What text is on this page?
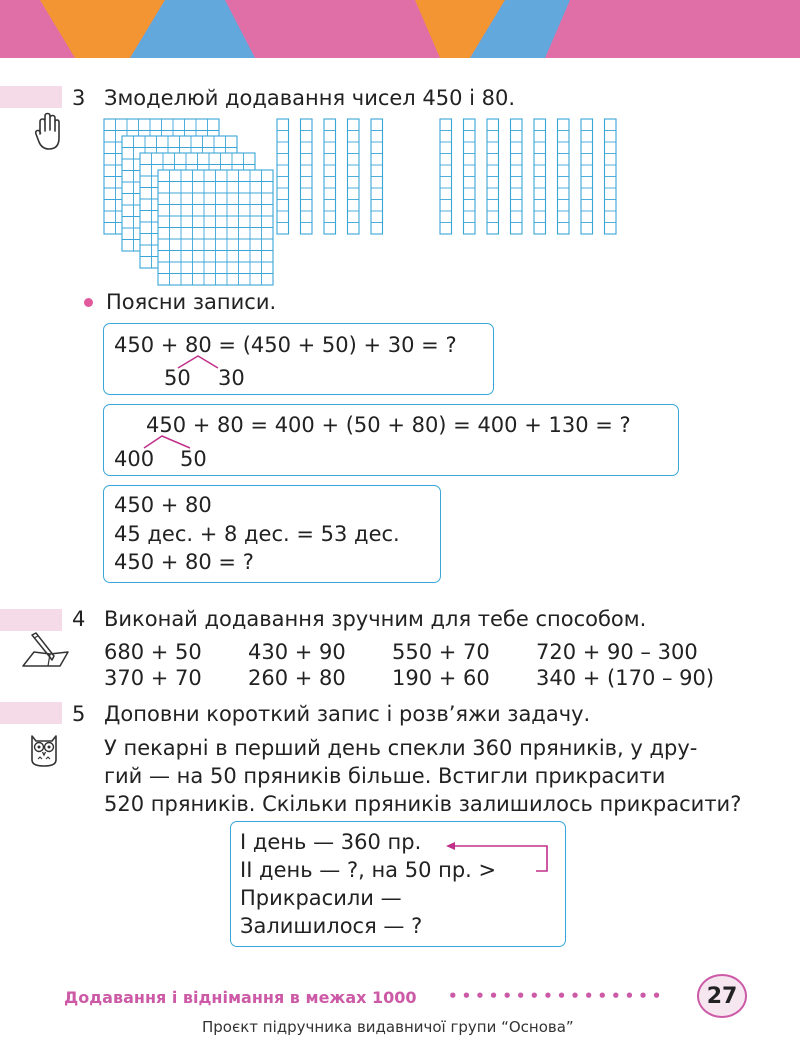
3 Змоделюй додавання чисел 450 і 80.
Поясни записи.
450 + 80 = (450 + 50) + 30 = ?
50 30
450 + 80 = 400 + (50 + 80) = 400 + 130 = ?
400 50
450 + 80
45 дес. + 8 дес. = 53 дес.
450 + 80 = ?
4 Виконай додавання зручним для тебе способом.
680 + 50 430 + 90 550 + 70 720 + 90 – 300
370 + 70 260 + 80 190 + 60 340 + (170 – 90)
5 Доповни короткий запис і розв’яжи задачу.
У пекарні в перший день спекли 360 пряників, у дру-
гий — на 50 пряників більше. Встигли прикрасити
520 пряників. Скільки пряників залишилось прикрасити?
І день — 360 пр.
ІІ день — ?, на 50 пр. >
Прикрасили —
Залишилося — ?
Додавання і віднімання в межах 1000 ••••••••••••••••	27
Проєкт підручника видавничої групи “Основа”
